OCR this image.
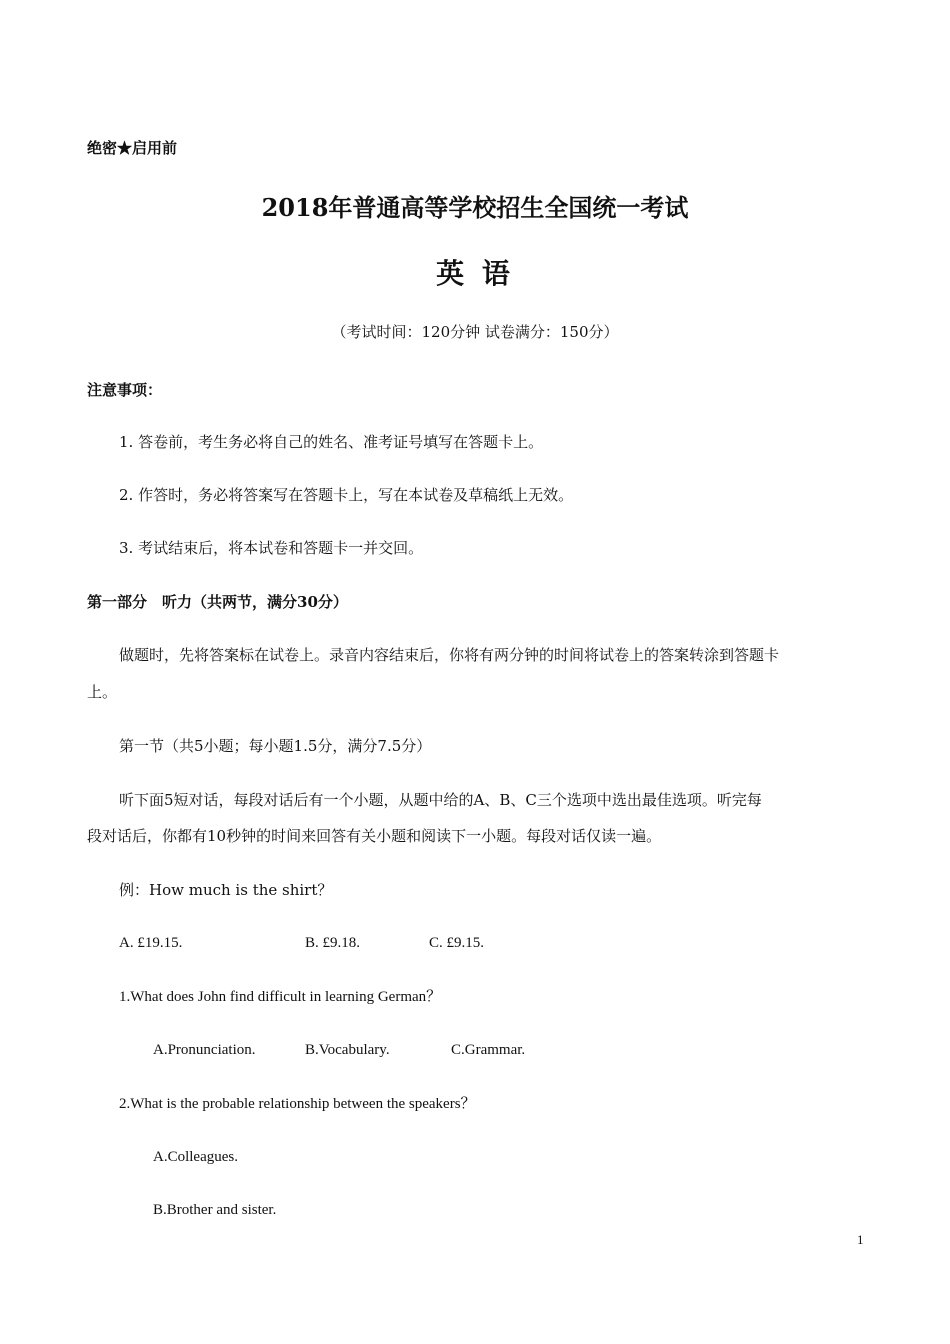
绝密★启用前
2018年普通高等学校招生全国统一考试
英 语
（考试时间：120分钟 试卷满分：150分）
注意事项：
1. 答卷前，考生务必将自己的姓名、准考证号填写在答题卡上。
2. 作答时，务必将答案写在答题卡上，写在本试卷及草稿纸上无效。
3. 考试结束后，将本试卷和答题卡一并交回。
第一部分　听力（共两节，满分30分）
做题时，先将答案标在试卷上。录音内容结束后，你将有两分钟的时间将试卷上的答案转涂到答题卡
上。
第一节（共5小题；每小题1.5分，满分7.5分）
听下面5短对话，每段对话后有一个小题，从题中给的A、B、C三个选项中选出最佳选项。听完每
段对话后，你都有10秒钟的时间来回答有关小题和阅读下一小题。每段对话仅读一遍。
例：How much is the shirt？
A. £19.15.	B. £9.18.	C. £9.15.
1.What does John find difficult in learning German？
A.Pronunciation.	B.Vocabulary.	C.Grammar.
2.What is the probable relationship between the speakers？
A.Colleagues.
B.Brother and sister.
1
